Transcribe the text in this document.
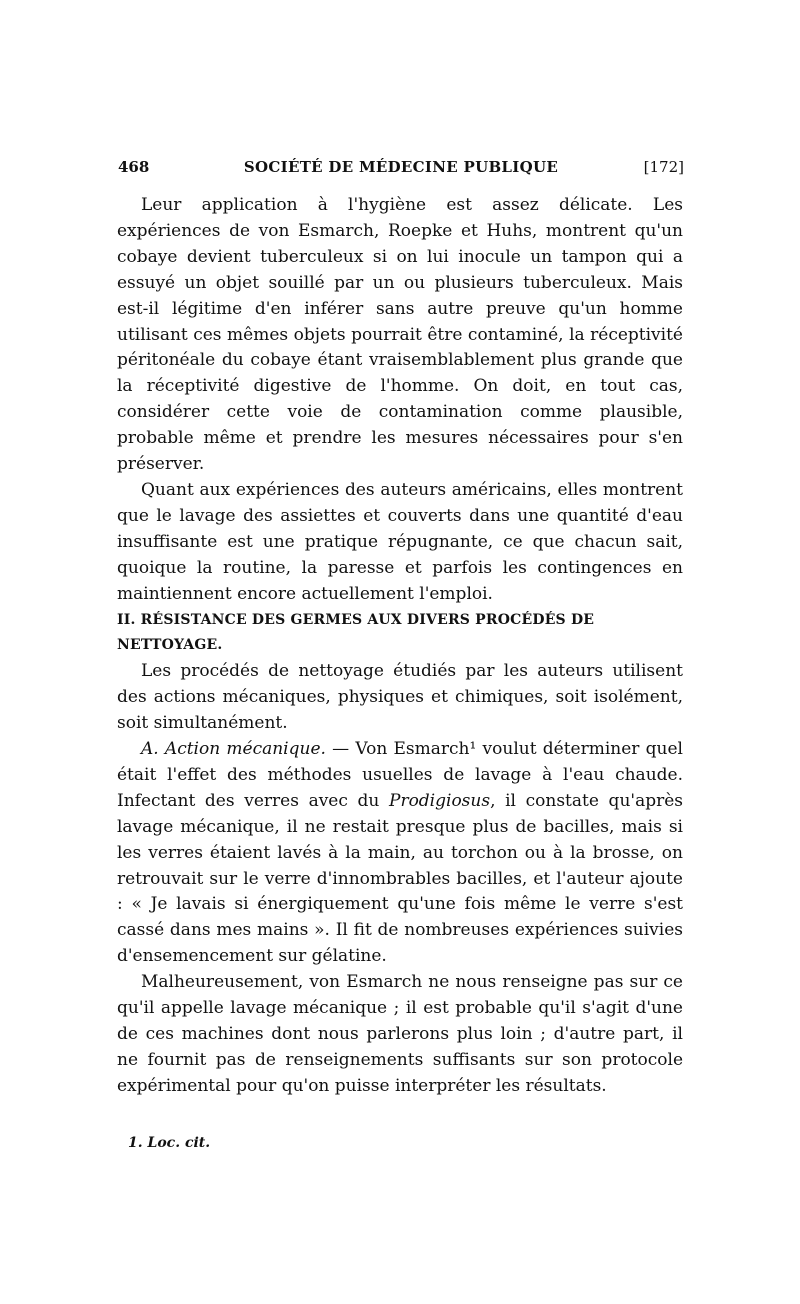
468	SOCIÉTÉ DE MÉDECINE PUBLIQUE	[172]

Leur application à l'hygiène est assez délicate. Les expériences de von Esmarch, Roepke et Huhs, montrent qu'un cobaye devient tuberculeux si on lui inocule un tampon qui a essuyé un objet souillé par un ou plusieurs tuberculeux. Mais est-il légitime d'en inférer sans autre preuve qu'un homme utilisant ces mêmes objets pourrait être contaminé, la réceptivité péritonéale du cobaye étant vraisemblablement plus grande que la réceptivité digestive de l'homme. On doit, en tout cas, considérer cette voie de contamination comme plausible, probable même et prendre les mesures nécessaires pour s'en préserver.

Quant aux expériences des auteurs américains, elles montrent que le lavage des assiettes et couverts dans une quantité d'eau insuffisante est une pratique répugnante, ce que chacun sait, quoique la routine, la paresse et parfois les contingences en maintiennent encore actuellement l'emploi.

II. RÉSISTANCE DES GERMES AUX DIVERS PROCÉDÉS DE NETTOYAGE.

Les procédés de nettoyage étudiés par les auteurs utilisent des actions mécaniques, physiques et chimiques, soit isolément, soit simultanément.

A. Action mécanique. — Von Esmarch¹ voulut déterminer quel était l'effet des méthodes usuelles de lavage à l'eau chaude. Infectant des verres avec du Prodigiosus, il constate qu'après lavage mécanique, il ne restait presque plus de bacilles, mais si les verres étaient lavés à la main, au torchon ou à la brosse, on retrouvait sur le verre d'innombrables bacilles, et l'auteur ajoute : « Je lavais si énergiquement qu'une fois même le verre s'est cassé dans mes mains ». Il fit de nombreuses expériences suivies d'ensemencement sur gélatine.

Malheureusement, von Esmarch ne nous renseigne pas sur ce qu'il appelle lavage mécanique ; il est probable qu'il s'agit d'une de ces machines dont nous parlerons plus loin ; d'autre part, il ne fournit pas de renseignements suffisants sur son protocole expérimental pour qu'on puisse interpréter les résultats.

1. Loc. cit.
